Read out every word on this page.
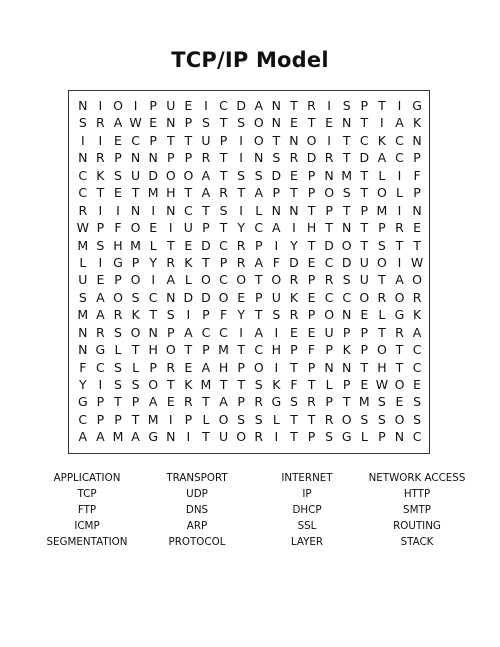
TCP/IP Model
N I O I P U E I C D A N T R I S P T I G
S R A W E N P S T S O N E T E N T I A K
I	I E C P T T U P I O T N O I T C K C N
N R P N N P P R T I N S R D R T D A C P
C K S U D O O A T S S D E P N M T L I F
C T E T M H T A R T A P T P O S T O L P
R I	I N I N C T S I L N N T P T P M I N
W P F O E I U P T Y C A I H T N T P R E
M S H M L T E D C R P I Y T D O T S T T
L I G P Y R K T P R A F D E C D U O I W
U E P O I A L O C O T O R P R S U T A O
S A O S C N D D O E P U K E C C O R O R
M A R K T S I P F Y T S R P O N E L G K
N R S O N P A C C I A I E E U P P T R A
N G L T H O T P M T C H P F P K P O T C
F C S L P R E A H P O I T P N N T H T C
Y I S S O T K M T T S K F T L P E W O E
G P T P A E R T A P R G S R P T M S E S
C P P T M I P L O S S L T T R O S S O S
A A M A G N I T U O R I T P S G L P N C
APPLICATION	TRANSPORT	INTERNET	NETWORK ACCESS
TCP	UDP	IP	HTTP
FTP	DNS	DHCP	SMTP
ICMP	ARP	SSL	ROUTING
SEGMENTATION	PROTOCOL	LAYER	STACK
